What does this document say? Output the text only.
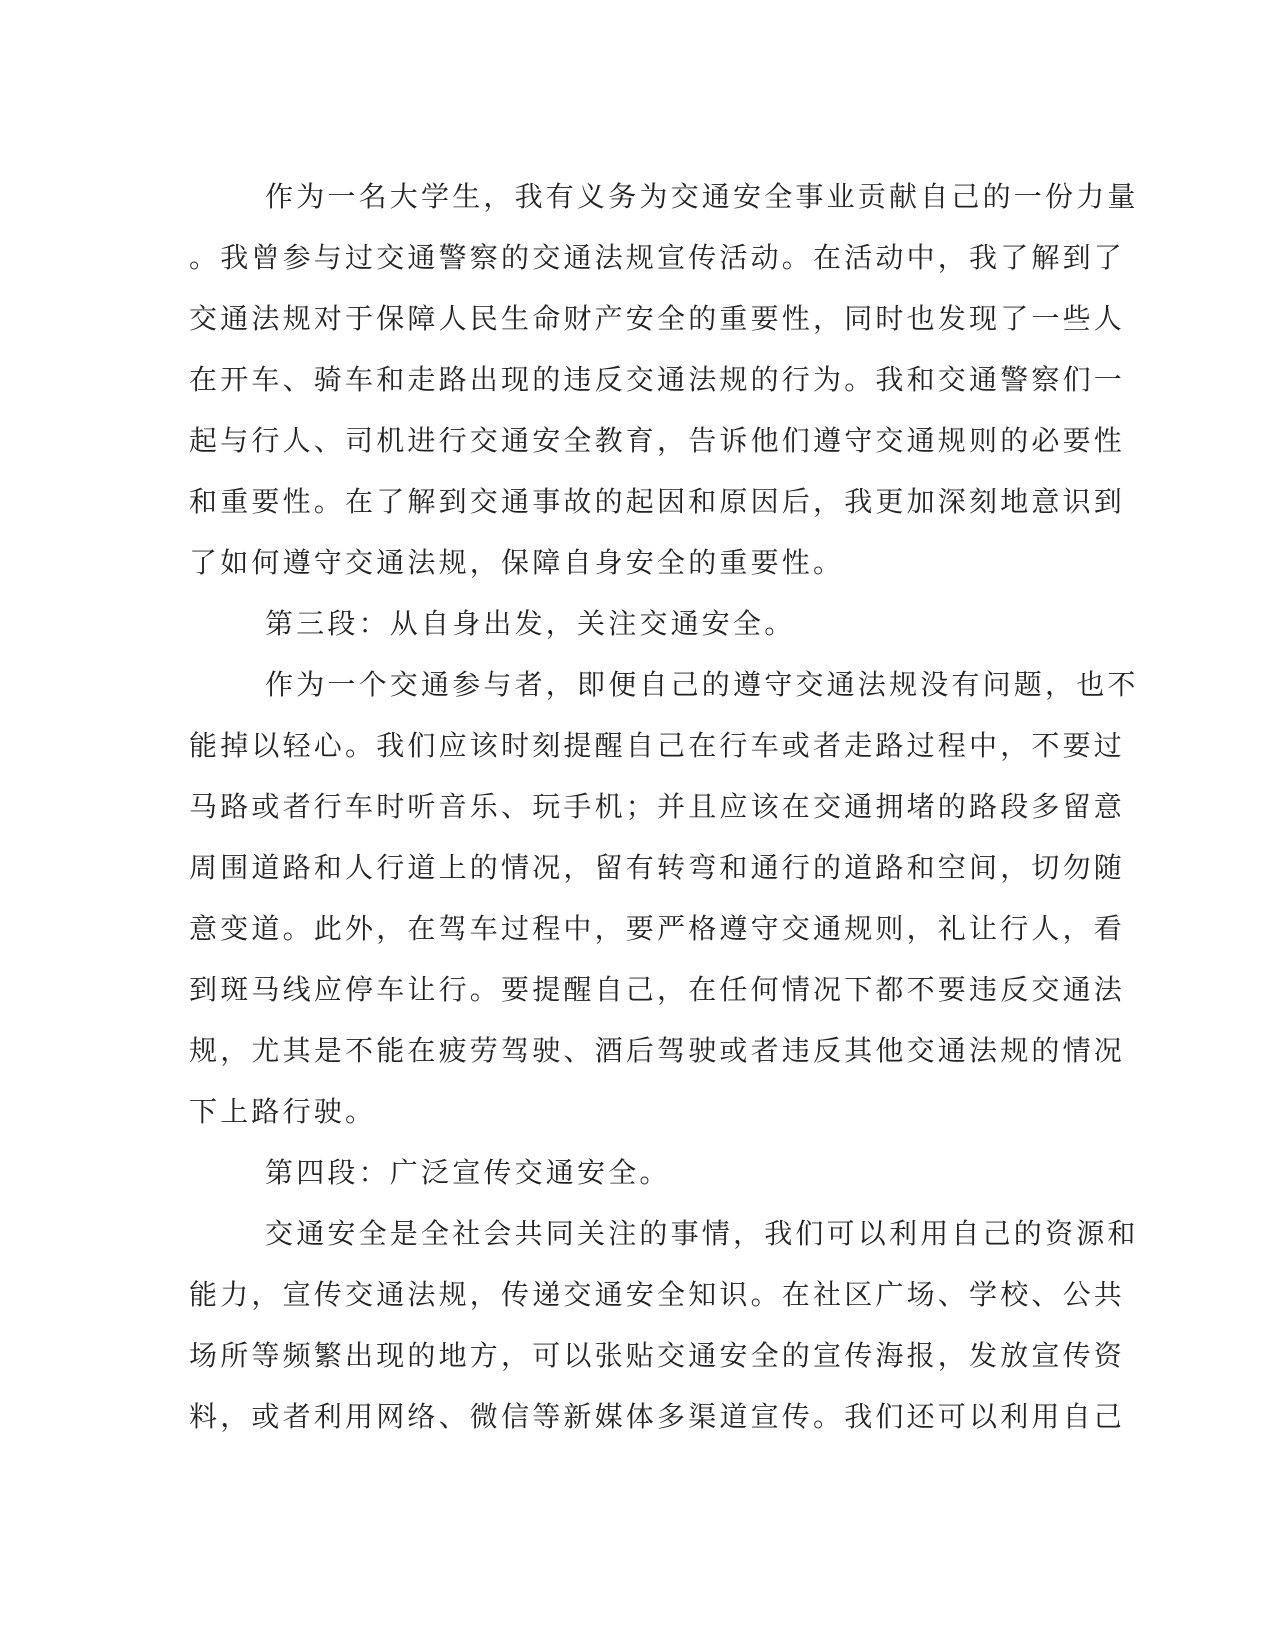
作为一名大学生，我有义务为交通安全事业贡献自己的一份力量
。我曾参与过交通警察的交通法规宣传活动。在活动中，我了解到了
交通法规对于保障人民生命财产安全的重要性，同时也发现了一些人
在开车、骑车和走路出现的违反交通法规的行为。我和交通警察们一
起与行人、司机进行交通安全教育，告诉他们遵守交通规则的必要性
和重要性。在了解到交通事故的起因和原因后，我更加深刻地意识到
了如何遵守交通法规，保障自身安全的重要性。
第三段：从自身出发，关注交通安全。
作为一个交通参与者，即便自己的遵守交通法规没有问题，也不
能掉以轻心。我们应该时刻提醒自己在行车或者走路过程中，不要过
马路或者行车时听音乐、玩手机；并且应该在交通拥堵的路段多留意
周围道路和人行道上的情况，留有转弯和通行的道路和空间，切勿随
意变道。此外，在驾车过程中，要严格遵守交通规则，礼让行人，看
到斑马线应停车让行。要提醒自己，在任何情况下都不要违反交通法
规，尤其是不能在疲劳驾驶、酒后驾驶或者违反其他交通法规的情况
下上路行驶。
第四段：广泛宣传交通安全。
交通安全是全社会共同关注的事情，我们可以利用自己的资源和
能力，宣传交通法规，传递交通安全知识。在社区广场、学校、公共
场所等频繁出现的地方，可以张贴交通安全的宣传海报，发放宣传资
料，或者利用网络、微信等新媒体多渠道宣传。我们还可以利用自己
